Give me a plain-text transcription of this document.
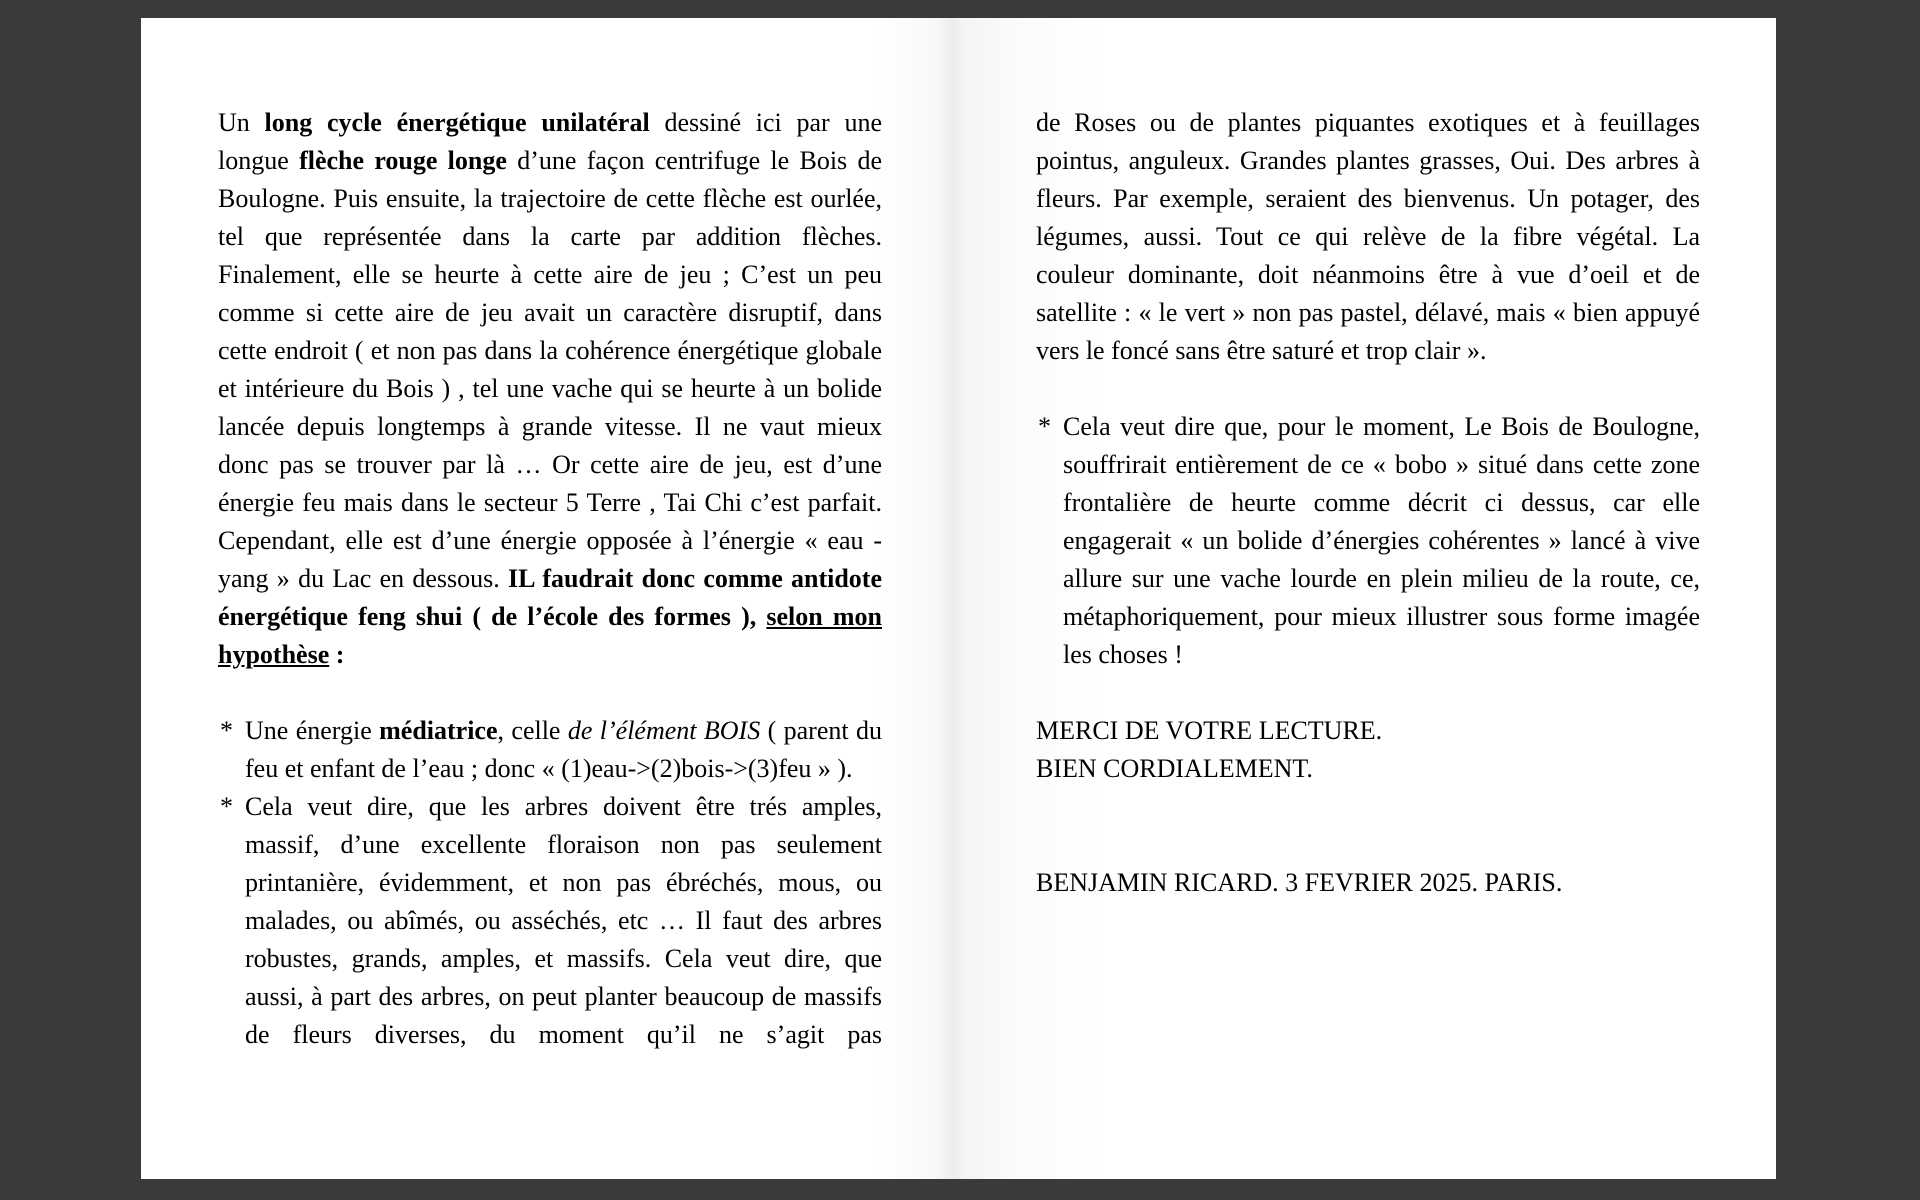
Un long cycle énergétique unilatéral dessiné ici par une longue flèche rouge longe d’une façon centrifuge le Bois de Boulogne. Puis ensuite, la trajectoire de cette flèche est ourlée, tel que représentée dans la carte par addition flèches. Finalement, elle se heurte à cette aire de jeu ; C’est un peu comme si cette aire de jeu avait un caractère disruptif, dans cette endroit ( et non pas dans la cohérence énergétique globale et intérieure du Bois ) , tel une vache qui se heurte à un bolide lancée depuis longtemps à grande vitesse. Il ne vaut mieux donc pas se trouver par là … Or cette aire de jeu, est d’une énergie feu mais dans le secteur 5 Terre , Tai Chi c’est parfait. Cependant, elle est d’une énergie opposée à l’énergie « eau - yang » du Lac en dessous. IL faudrait donc comme antidote énergétique feng shui ( de l’école des formes ), selon mon hypothèse :

* Une énergie médiatrice, celle de l’élément BOIS ( parent du feu et enfant de l’eau ; donc « (1)eau->(2)bois->(3)feu » ).

* Cela veut dire, que les arbres doivent être trés amples, massif, d’une excellente floraison non pas seulement printanière, évidemment, et non pas ébréchés, mous, ou malades, ou abîmés, ou asséchés, etc … Il faut des arbres robustes, grands, amples, et massifs. Cela veut dire, que aussi, à part des arbres, on peut planter beaucoup de massifs de fleurs diverses, du moment qu’il ne s’agit pas

de Roses ou de plantes piquantes exotiques et à feuillages pointus, anguleux. Grandes plantes grasses, Oui. Des arbres à fleurs. Par exemple, seraient des bienvenus. Un potager, des légumes, aussi. Tout ce qui relève de la fibre végétal. La couleur dominante, doit néanmoins être à vue d’oeil et de satellite : « le vert » non pas pastel, délavé, mais « bien appuyé vers le foncé sans être saturé et trop clair ».

* Cela veut dire que, pour le moment, Le Bois de Boulogne, souffrirait entièrement de ce « bobo » situé dans cette zone frontalière de heurte comme décrit ci dessus, car elle engagerait « un bolide d’énergies cohérentes » lancé à vive allure sur une vache lourde en plein milieu de la route, ce, métaphoriquement, pour mieux illustrer sous forme imagée les choses !

MERCI DE VOTRE LECTURE.

BIEN CORDIALEMENT.

BENJAMIN RICARD. 3 FEVRIER 2025. PARIS.
